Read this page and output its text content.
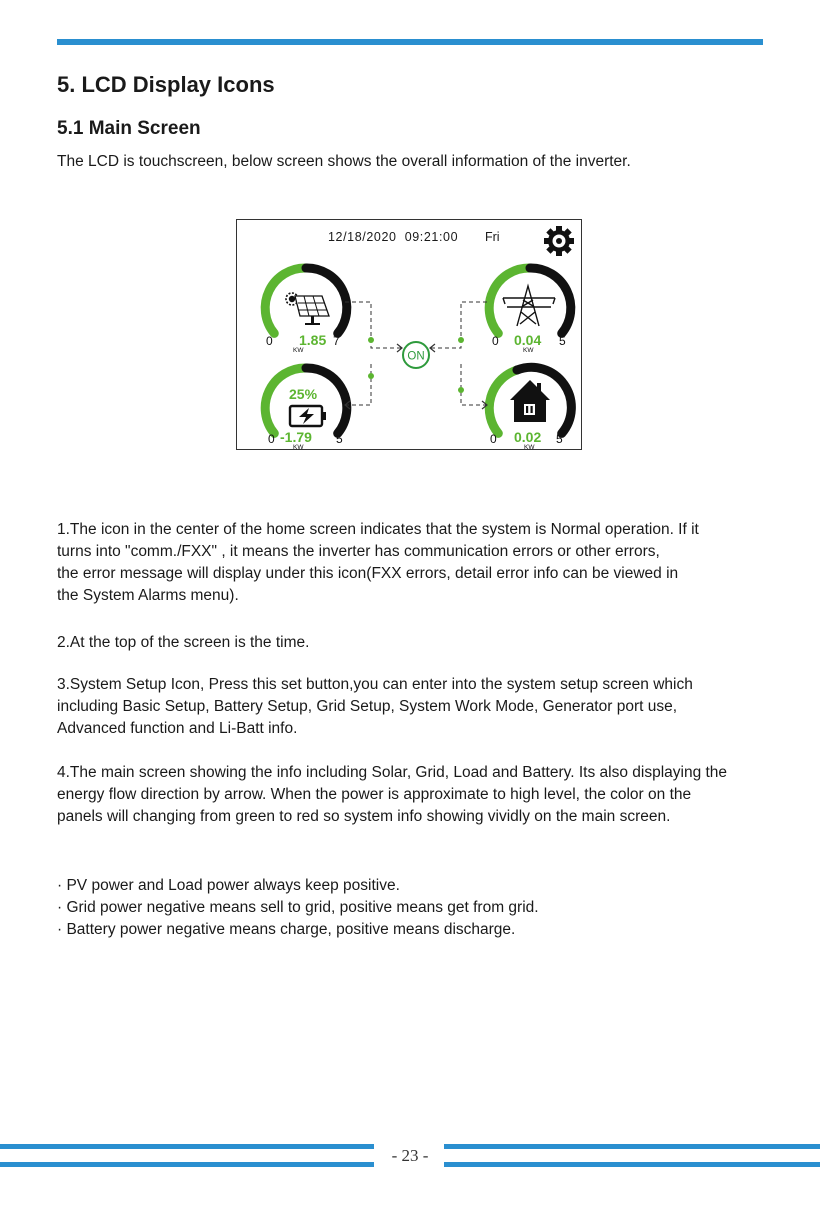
5. LCD Display Icons
5.1 Main Screen

The LCD is touchscreen, below screen shows the overall information of the inverter.

12/18/2020  09:21:00 Fri
0	7
1.85
KW
0	5
0.04
KW
25%
0	5
-1.79
KW
0	5
0.02
KW
ON
1.The icon in the center of the home screen indicates that the system is Normal operation. If it
turns into "comm./FXX" , it means the inverter has communication errors or other errors,
the error message will display under this icon(FXX errors, detail error info can be viewed in
the System Alarms menu).
2.At the top of the screen is the time.
3.System Setup Icon, Press this set button,you can enter into the system setup screen which
including Basic Setup, Battery Setup, Grid Setup, System Work Mode, Generator port use,
Advanced function and Li-Batt info.
4.The main screen showing the info including Solar, Grid, Load and Battery. Its also displaying the
energy flow direction by arrow. When the power is approximate to high level, the color on the
panels will changing from green to red so system info showing vividly on the main screen.
· PV power and Load power always keep positive.
· Grid power negative means sell to grid, positive means get from grid.
· Battery power negative means charge, positive means discharge.
- 23 -
